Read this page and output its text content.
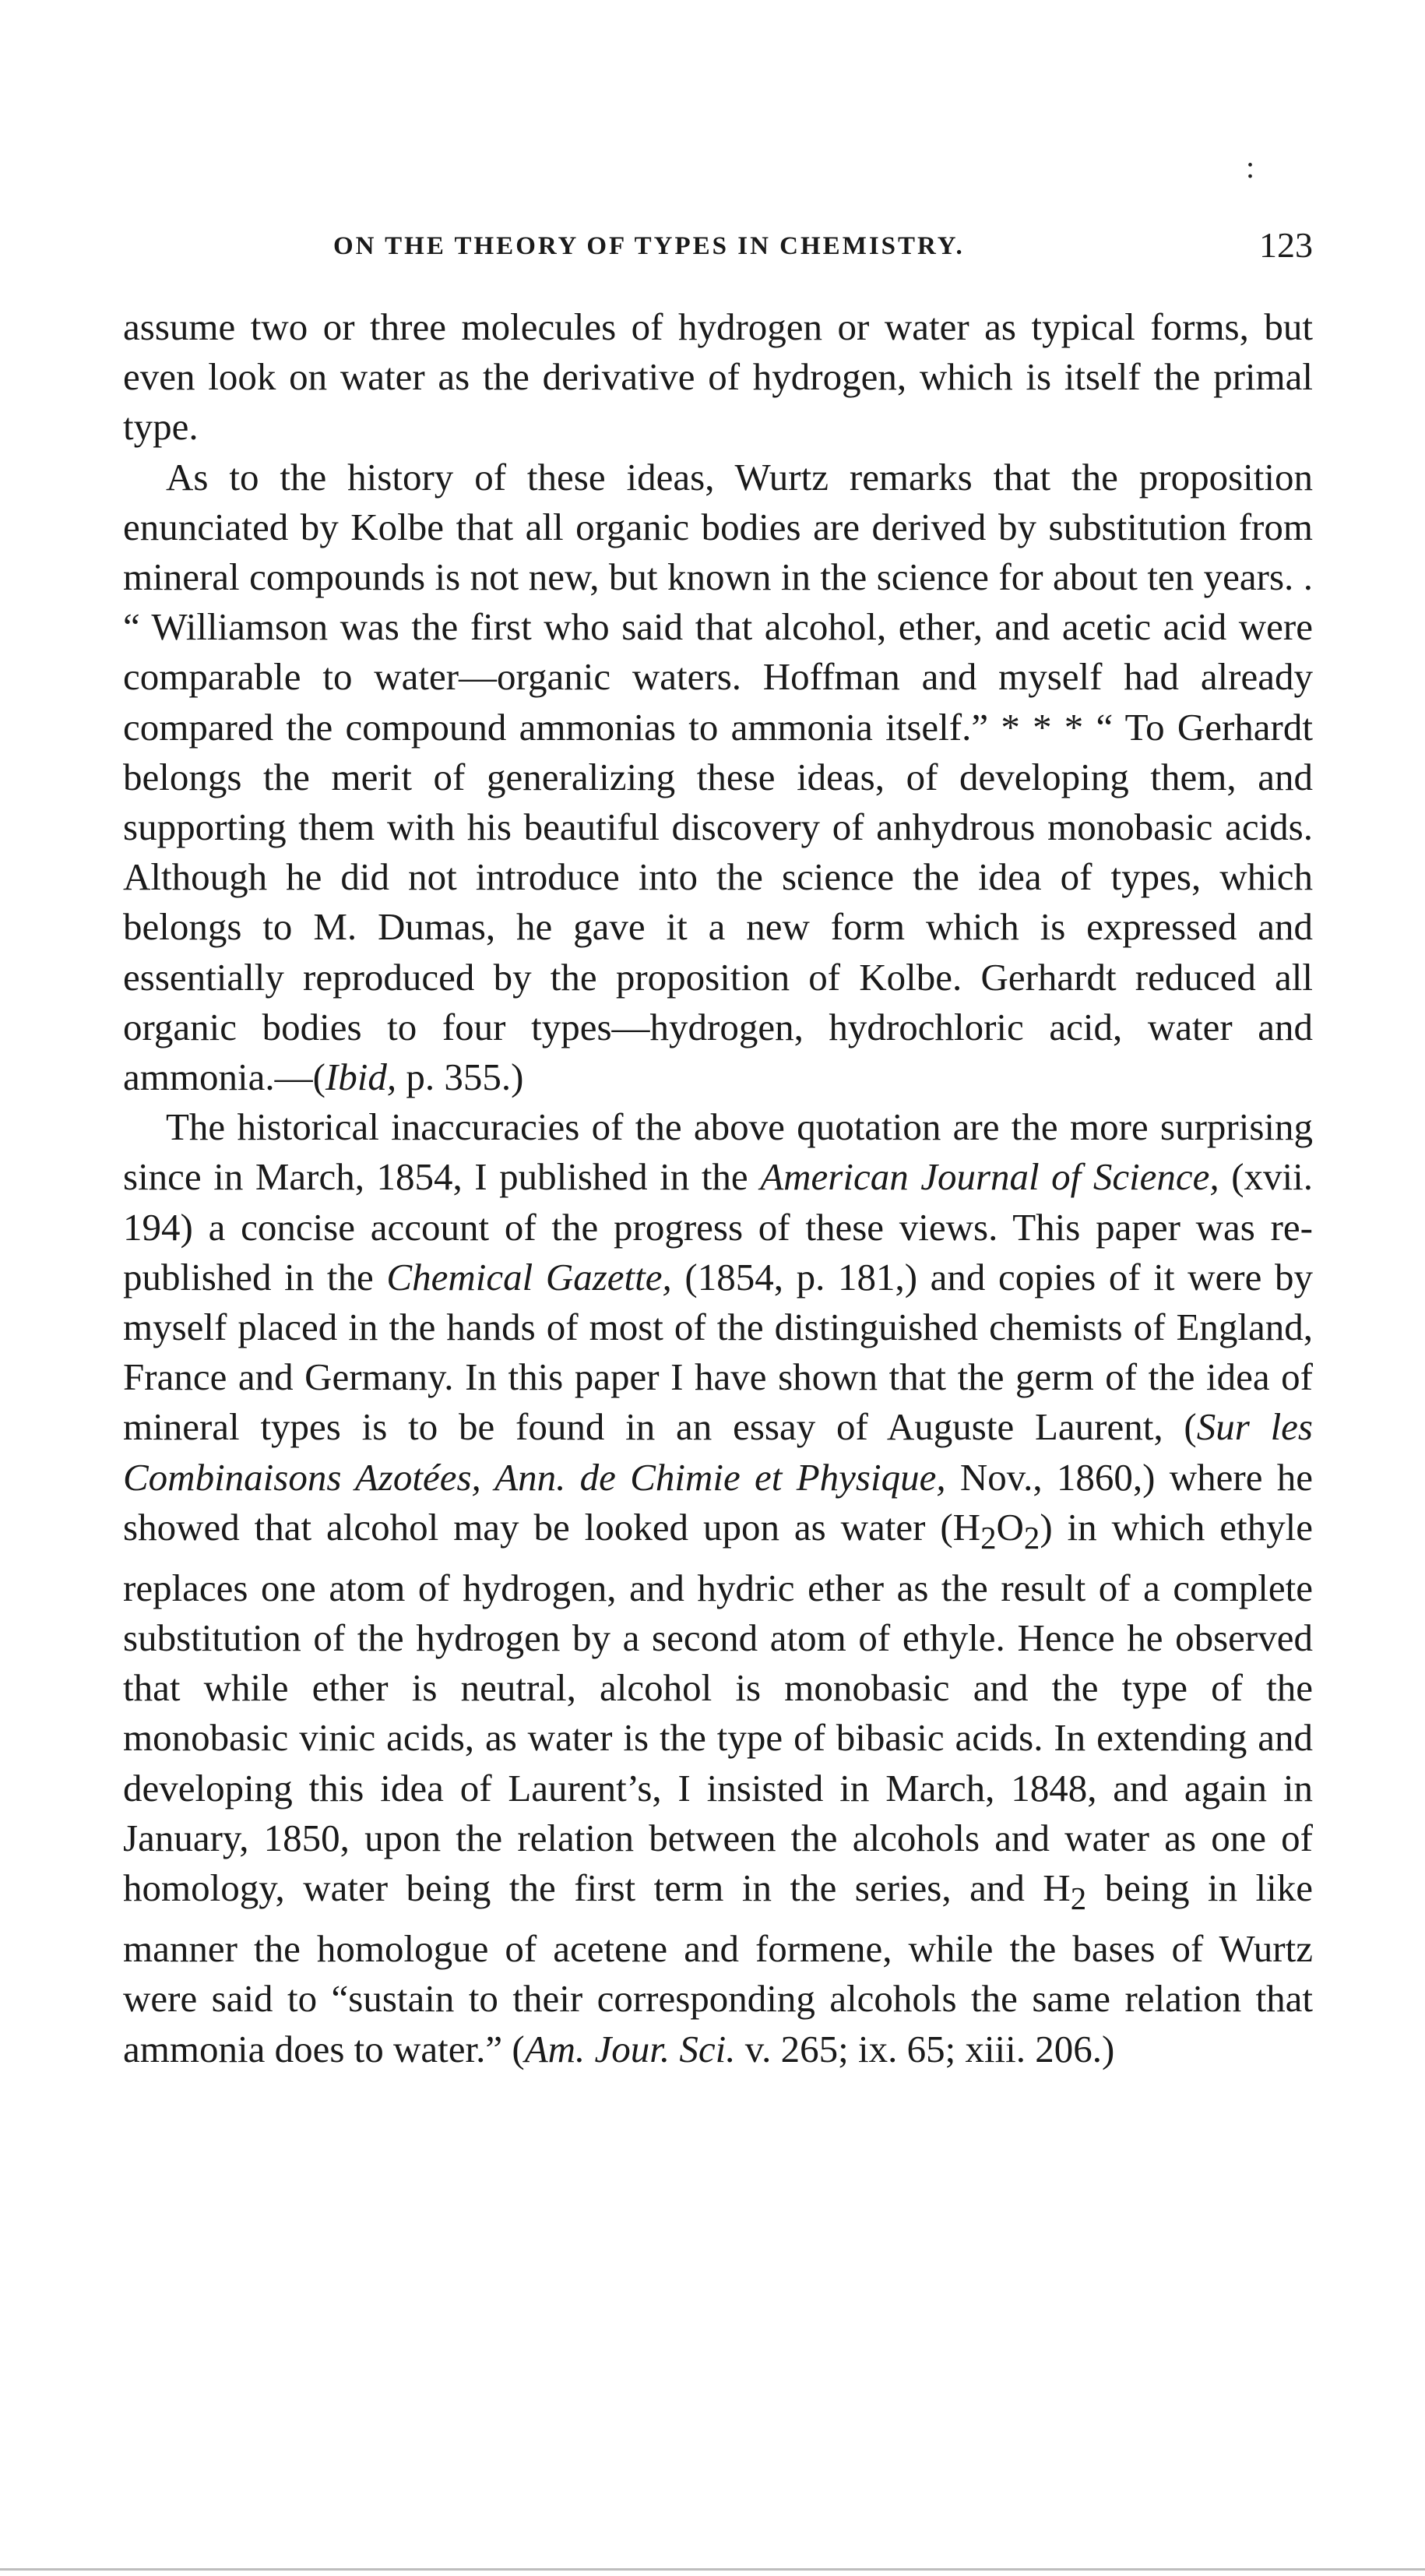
:
ON THE THEORY OF TYPES IN CHEMISTRY.	123

assume two or three molecules of hydrogen or water as typical forms, but even look on water as the derivative of hydrogen, which is itself the primal type.

As to the history of these ideas, Wurtz remarks that the proposition enunciated by Kolbe that all organic bodies are derived by substitution from mineral compounds is not new, but known in the science for about ten years. . “ Williamson was the first who said that alcohol, ether, and acetic acid were comparable to water—organic waters. Hoffman and myself had already compared the compound ammonias to ammonia itself.” * * * “ To Gerhardt belongs the merit of generalizing these ideas, of developing them, and supporting them with his beautiful discovery of anhydrous monobasic acids. Although he did not introduce into the science the idea of types, which belongs to M. Dumas, he gave it a new form which is expressed and essentially reproduced by the proposition of Kolbe. Gerhardt reduced all organic bodies to four types—hydrogen, hydrochloric acid, water and ammonia.—(Ibid, p. 355.)

The historical inaccuracies of the above quotation are the more surprising since in March, 1854, I published in the American Journal of Science, (xvii. 194) a concise account of the progress of these views. This paper was re-published in the Chemical Gazette, (1854, p. 181,) and copies of it were by myself placed in the hands of most of the distinguished chemists of England, France and Germany. In this paper I have shown that the germ of the idea of mineral types is to be found in an essay of Auguste Laurent, (Sur les Combinaisons Azotées, Ann. de Chimie et Physique, Nov., 1860,) where he showed that alcohol may be looked upon as water $(H_2O_2)$ in which ethyle replaces one atom of hydrogen, and hydric ether as the result of a complete substitution of the hydrogen by a second atom of ethyle. Hence he observed that while ether is neutral, alcohol is monobasic and the type of the monobasic vinic acids, as water is the type of bibasic acids. In extending and developing this idea of Laurent’s, I insisted in March, 1848, and again in January, 1850, upon the relation between the alcohols and water as one of homology, water being the first term in the series, and $H_2$ being in like manner the homologue of acetene and formene, while the bases of Wurtz were said to “sustain to their corresponding alcohols the same relation that ammonia does to water.” (Am. Jour. Sci. v. 265; ix. 65; xiii. 206.)
